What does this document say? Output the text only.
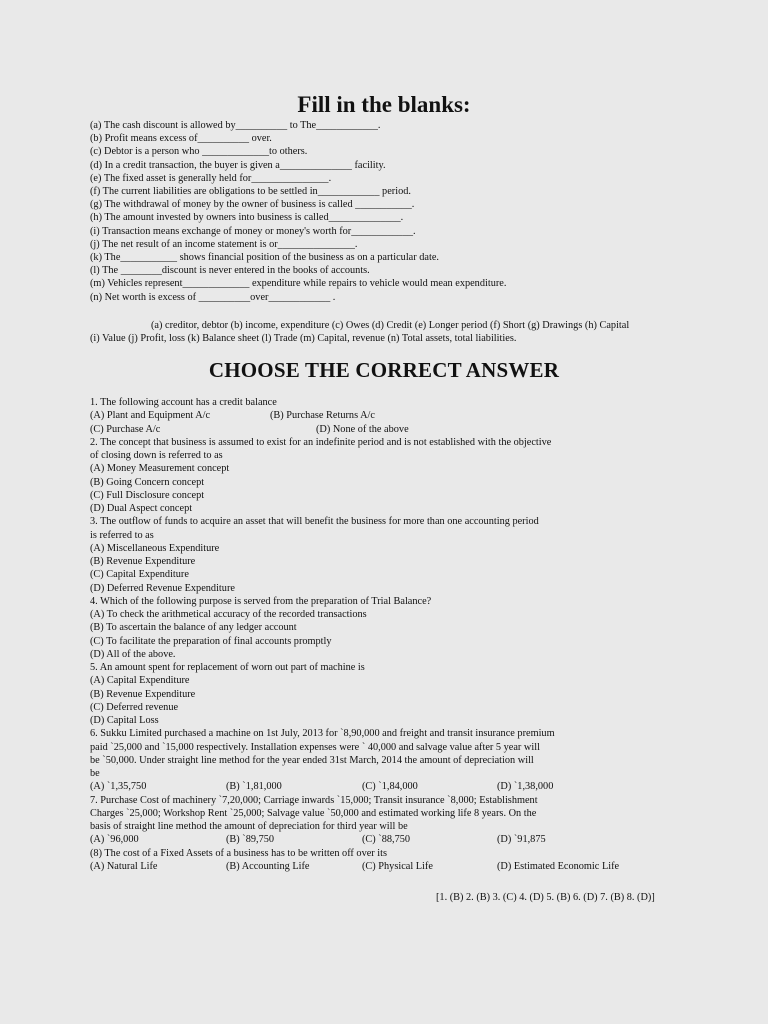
Fill in the blanks:
(a) The cash discount is allowed by__________ to The____________.
(b) Profit means excess of__________ over.
(c) Debtor is a person who _____________to others.
(d) In a credit transaction, the buyer is given a______________ facility.
(e) The fixed asset is generally held for_______________.
(f) The current liabilities are obligations to be settled in____________ period.
(g) The withdrawal of money by the owner of business is called ___________.
(h) The amount invested by owners into business is called______________.
(i) Transaction means exchange of money or money's worth for____________.
(j) The net result of an income statement is or_______________.
(k) The___________ shows financial position of the business as on a particular date.
(l) The ________discount is never entered in the books of accounts.
(m) Vehicles represent_____________ expenditure while repairs to vehicle would mean expenditure.
(n) Net worth is excess of __________over____________ .
(a) creditor, debtor (b) income, expenditure (c) Owes (d) Credit (e) Longer period (f) Short (g) Drawings (h) Capital
(i) Value (j) Profit, loss (k) Balance sheet (l) Trade (m) Capital, revenue (n) Total assets, total liabilities.
CHOOSE THE CORRECT ANSWER
1. The following account has a credit balance
(A) Plant and Equipment A/c	(B) Purchase Returns A/c
(C) Purchase A/c	(D) None of the above
2. The concept that business is assumed to exist for an indefinite period and is not established with the objective
of closing down is referred to as
(A) Money Measurement concept
(B) Going Concern concept
(C) Full Disclosure concept
(D) Dual Aspect concept
3. The outflow of funds to acquire an asset that will benefit the business for more than one accounting period
is referred to as
(A) Miscellaneous Expenditure
(B) Revenue Expenditure
(C) Capital Expenditure
(D) Deferred Revenue Expenditure
4. Which of the following purpose is served from the preparation of Trial Balance?
(A) To check the arithmetical accuracy of the recorded transactions
(B) To ascertain the balance of any ledger account
(C) To facilitate the preparation of final accounts promptly
(D) All of the above.
5. An amount spent for replacement of worn out part of machine is
(A) Capital Expenditure
(B) Revenue Expenditure
(C) Deferred revenue
(D) Capital Loss
6. Sukku Limited purchased a machine on 1st July, 2013 for `8,90,000 and freight and transit insurance premium
paid `25,000 and `15,000 respectively. Installation expenses were ` 40,000 and salvage value after 5 year will
be `50,000. Under straight line method for the year ended 31st March, 2014 the amount of depreciation will
be
(A) `1,35,750	(B) `1,81,000	(C) `1,84,000	(D) `1,38,000
7. Purchase Cost of machinery `7,20,000; Carriage inwards `15,000; Transit insurance `8,000; Establishment
Charges `25,000; Workshop Rent `25,000; Salvage value `50,000 and estimated working life 8 years. On the
basis of straight line method the amount of depreciation for third year will be
(A) `96,000	(B) `89,750	(C) `88,750	(D) `91,875
(8) The cost of a Fixed Assets of a business has to be written off over its
(A) Natural Life	(B) Accounting Life	(C) Physical Life	(D) Estimated Economic Life
[1. (B) 2. (B) 3. (C) 4. (D) 5. (B) 6. (D) 7. (B) 8. (D)]
